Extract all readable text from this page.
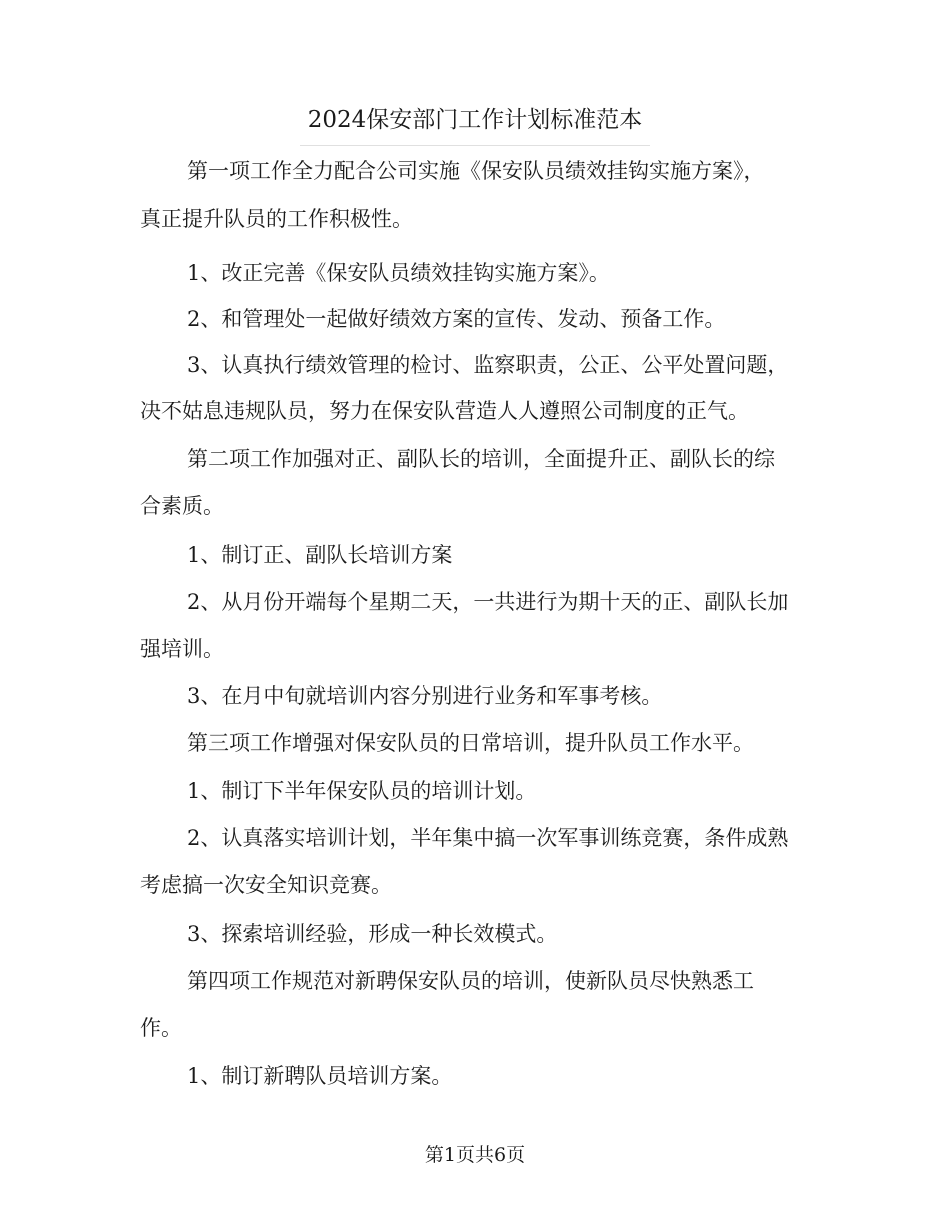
2024保安部门工作计划标准范本
第一项工作全力配合公司实施《保安队员绩效挂钩实施方案》，
真正提升队员的工作积极性。
1、改正完善《保安队员绩效挂钩实施方案》。
2、和管理处一起做好绩效方案的宣传、发动、预备工作。
3、认真执行绩效管理的检讨、监察职责，公正、公平处置问题，
决不姑息违规队员，努力在保安队营造人人遵照公司制度的正气。
第二项工作加强对正、副队长的培训，全面提升正、副队长的综
合素质。
1、制订正、副队长培训方案
2、从月份开端每个星期二天，一共进行为期十天的正、副队长加
强培训。
3、在月中旬就培训内容分别进行业务和军事考核。
第三项工作增强对保安队员的日常培训，提升队员工作水平。
1、制订下半年保安队员的培训计划。
2、认真落实培训计划，半年集中搞一次军事训练竞赛，条件成熟
考虑搞一次安全知识竞赛。
3、探索培训经验，形成一种长效模式。
第四项工作规范对新聘保安队员的培训，使新队员尽快熟悉工
作。
1、制订新聘队员培训方案。
第1页共6页
